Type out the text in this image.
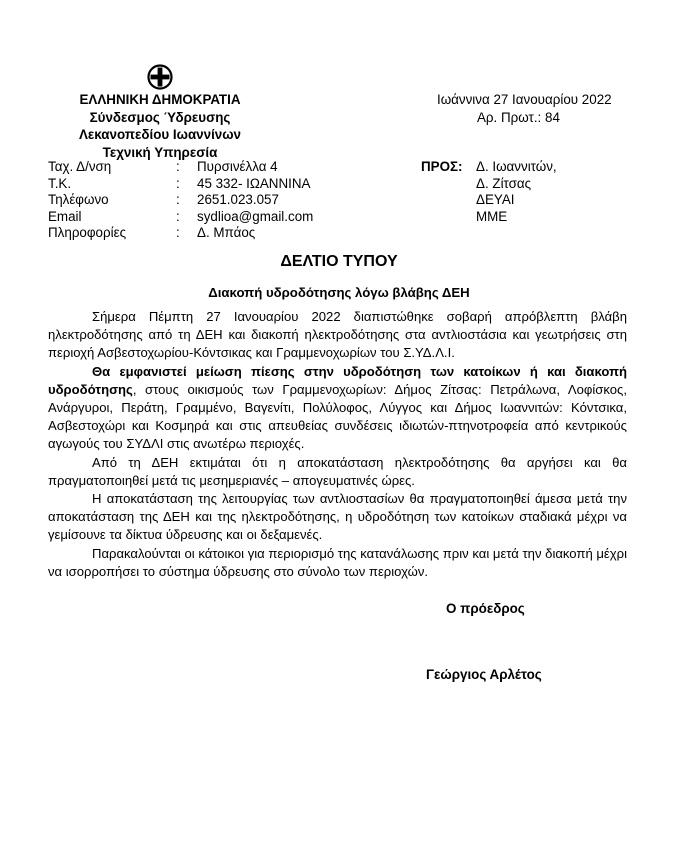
ΕΛΛΗΝΙΚΗ ΔΗΜΟΚΡΑΤΙΑ
Σύνδεσμος Ύδρευσης
Λεκανοπεδίου Ιωαννίνων
Τεχνική Υπηρεσία
Ιωάννινα 27 Ιανουαρίου 2022
Αρ. Πρωτ.: 84
Ταχ. Δ/νση	: Πυρσινέλλα 4
Τ.Κ.	: 45 332- ΙΩΑΝΝΙΝΑ
Τηλέφωνο	: 2651.023.057
Email	: sydlioa@gmail.com
Πληροφορίες	: Δ. Μπάος
ΠΡΟΣ: Δ. Ιωαννιτών,
Δ. Ζίτσας
ΔΕΥΑΙ
ΜΜΕ
ΔΕΛΤΙΟ ΤΥΠΟΥ
Διακοπή υδροδότησης λόγω βλάβης ΔΕΗ

Σήμερα Πέμπτη 27 Ιανουαρίου 2022 διαπιστώθηκε σοβαρή απρόβλεπτη βλάβη ηλεκτροδότησης από τη ΔΕΗ και διακοπή ηλεκτροδότησης στα αντλιοστάσια και γεωτρήσεις στη περιοχή Ασβεστοχωρίου-Κόντσικας και Γραμμενοχωρίων του Σ.ΥΔ.Λ.Ι.

Θα εμφανιστεί μείωση πίεσης στην υδροδότηση των κατοίκων ή και διακοπή υδροδότησης, στους οικισμούς των Γραμμενοχωρίων: Δήμος Ζίτσας: Πετράλωνα, Λοφίσκος, Ανάργυροι, Περάτη, Γραμμένο, Βαγενίτι, Πολύλοφος, Λύγγος και Δήμος Ιωαννιτών: Κόντσικα, Ασβεστοχώρι και Κοσμηρά και στις απευθείας συνδέσεις ιδιωτών-πτηνοτροφεία από κεντρικούς αγωγούς του ΣΥΔΛΙ στις ανωτέρω περιοχές.

Από τη ΔΕΗ εκτιμάται ότι η αποκατάσταση ηλεκτροδότησης θα αργήσει και θα πραγματοποιηθεί μετά τις μεσημεριανές – απογευματινές ώρες.

Η αποκατάσταση της λειτουργίας των αντλιοστασίων θα πραγματοποιηθεί άμεσα μετά την αποκατάσταση της ΔΕΗ και της ηλεκτροδότησης, η υδροδότηση των κατοίκων σταδιακά μέχρι να γεμίσουνε τα δίκτυα ύδρευσης και οι δεξαμενές.

Παρακαλούνται οι κάτοικοι για περιορισμό της κατανάλωσης πριν και μετά την διακοπή μέχρι να ισορροπήσει το σύστημα ύδρευσης στο σύνολο των περιοχών.

Ο πρόεδρος
Γεώργιος Αρλέτος
